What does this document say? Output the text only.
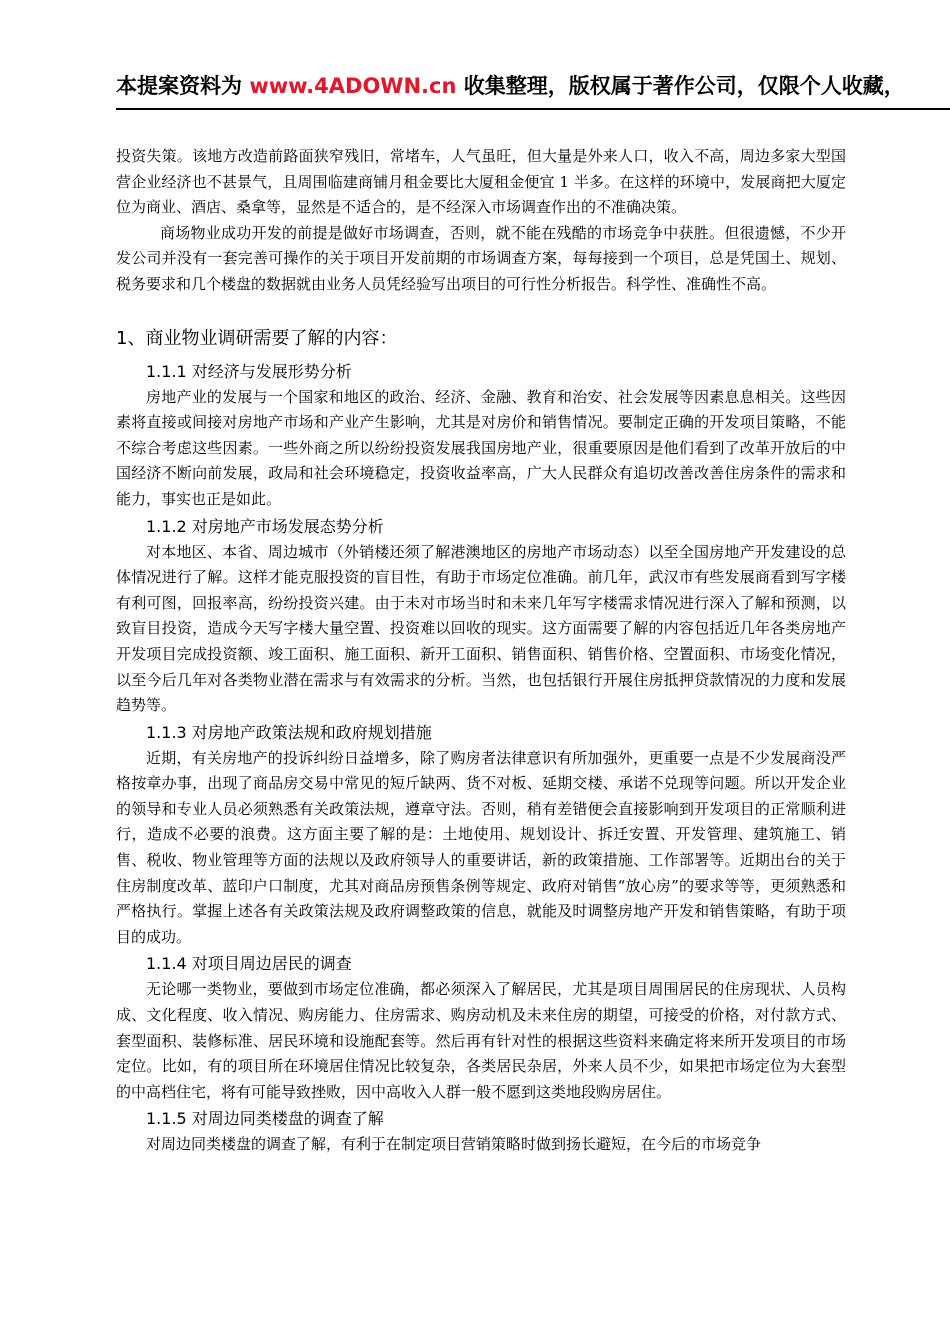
本提案资料为 www.4ADOWN.cn 收集整理，版权属于著作公司，仅限个人收藏，

投资失策。该地方改造前路面狭窄残旧，常堵车，人气虽旺，但大量是外来人口，收入不高，周边多家大型国营企业经济也不甚景气，且周围临建商铺月租金要比大厦租金便宜 1 半多。在这样的环境中，发展商把大厦定位为商业、酒店、桑拿等，显然是不适合的，是不经深入市场调查作出的不准确决策。

商场物业成功开发的前提是做好市场调查，否则，就不能在残酷的市场竞争中获胜。但很遗憾，不少开发公司并没有一套完善可操作的关于项目开发前期的市场调查方案，每每接到一个项目，总是凭国土、规划、税务要求和几个楼盘的数据就由业务人员凭经验写出项目的可行性分析报告。科学性、准确性不高。

1、商业物业调研需要了解的内容：
1.1.1 对经济与发展形势分析

房地产业的发展与一个国家和地区的政治、经济、金融、教育和治安、社会发展等因素息息相关。这些因素将直接或间接对房地产市场和产业产生影响，尤其是对房价和销售情况。要制定正确的开发项目策略，不能不综合考虑这些因素。一些外商之所以纷纷投资发展我国房地产业，很重要原因是他们看到了改革开放后的中国经济不断向前发展，政局和社会环境稳定，投资收益率高，广大人民群众有追切改善改善住房条件的需求和能力，事实也正是如此。

1.1.2 对房地产市场发展态势分析

对本地区、本省、周边城市（外销楼还须了解港澳地区的房地产市场动态）以至全国房地产开发建设的总体情况进行了解。这样才能克服投资的盲目性，有助于市场定位准确。前几年，武汉市有些发展商看到写字楼有利可图，回报率高，纷纷投资兴建。由于未对市场当时和未来几年写字楼需求情况进行深入了解和预测，以致盲目投资，造成今天写字楼大量空置、投资难以回收的现实。这方面需要了解的内容包括近几年各类房地产开发项目完成投资额、竣工面积、施工面积、新开工面积、销售面积、销售价格、空置面积、市场变化情况，以至今后几年对各类物业潜在需求与有效需求的分析。当然，也包括银行开展住房抵押贷款情况的力度和发展趋势等。

1.1.3 对房地产政策法规和政府规划措施

近期，有关房地产的投诉纠纷日益增多，除了购房者法律意识有所加强外，更重要一点是不少发展商没严格按章办事，出现了商品房交易中常见的短斤缺两、货不对板、延期交楼、承诺不兑现等问题。所以开发企业的领导和专业人员必须熟悉有关政策法规，遵章守法。否则，稍有差错便会直接影响到开发项目的正常顺利进行，造成不必要的浪费。这方面主要了解的是：土地使用、规划设计、拆迁安置、开发管理、建筑施工、销售、税收、物业管理等方面的法规以及政府领导人的重要讲话，新的政策措施、工作部署等。近期出台的关于住房制度改革、蓝印户口制度，尤其对商品房预售条例等规定、政府对销售“放心房”的要求等等，更须熟悉和严格执行。掌握上述各有关政策法规及政府调整政策的信息，就能及时调整房地产开发和销售策略，有助于项目的成功。

1.1.4 对项目周边居民的调查

无论哪一类物业，要做到市场定位准确，都必须深入了解居民，尤其是项目周围居民的住房现状、人员构成、文化程度、收入情况、购房能力、住房需求、购房动机及未来住房的期望，可接受的价格，对付款方式、套型面积、装修标准、居民环境和设施配套等。然后再有针对性的根据这些资料来确定将来所开发项目的市场定位。比如，有的项目所在环境居住情况比较复杂，各类居民杂居，外来人员不少，如果把市场定位为大套型的中高档住宅，将有可能导致挫败，因中高收入人群一般不愿到这类地段购房居住。

1.1.5 对周边同类楼盘的调查了解

对周边同类楼盘的调查了解，有利于在制定项目营销策略时做到扬长避短，在今后的市场竞争
